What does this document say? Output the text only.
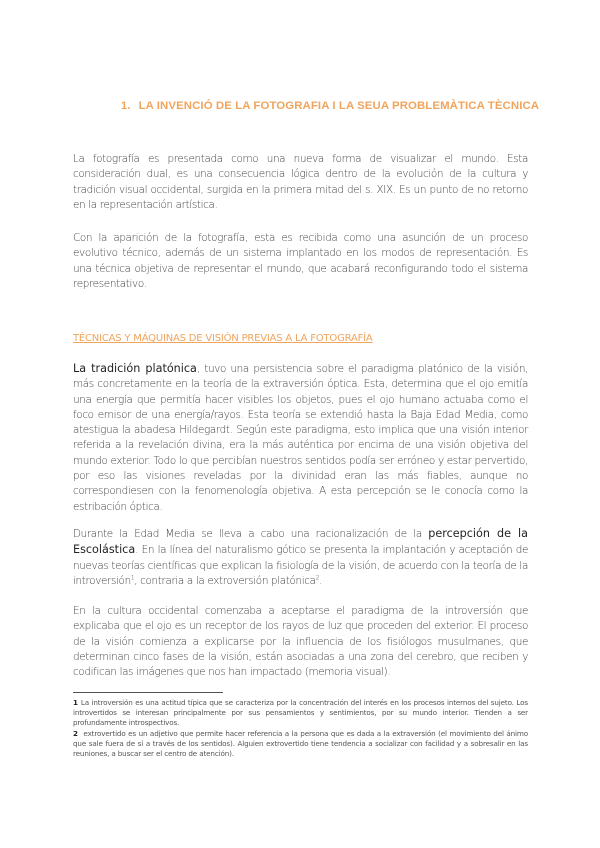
1. LA INVENCIÓ DE LA FOTOGRAFIA I LA SEUA PROBLEMÀTICA TÈCNICA
La fotografía es presentada como una nueva forma de visualizar el mundo. Esta consideración dual, es una consecuencia lógica dentro de la evolución de la cultura y tradición visual occidental, surgida en la primera mitad del s. XIX. Es un punto de no retorno en la representación artística.
Con la aparición de la fotografía, esta es recibida como una asunción de un proceso evolutivo técnico, además de un sistema implantado en los modos de representación. Es una técnica objetiva de representar el mundo, que acabará reconfigurando todo el sistema representativo.
TÉCNICAS Y MÁQUINAS DE VISIÓN PREVIAS A LA FOTOGRAFÍA
La tradición platónica, tuvo una persistencia sobre el paradigma platónico de la visión, más concretamente en la teoría de la extraversión óptica. Esta, determina que el ojo emitía una energía que permitía hacer visibles los objetos, pues el ojo humano actuaba como el foco emisor de una energía/rayos. Esta teoría se extendió hasta la Baja Edad Media, como atestigua la abadesa Hildegardt. Según este paradigma, esto implica que una visión interior referida a la revelación divina, era la más auténtica por encima de una visión objetiva del mundo exterior. Todo lo que percibían nuestros sentidos podía ser erróneo y estar pervertido, por eso las visiones reveladas por la divinidad eran las más fiables, aunque no correspondiesen con la fenomenología objetiva. A esta percepción se le conocía como la estribación óptica.
Durante la Edad Media se lleva a cabo una racionalización de la percepción de la Escolástica. En la línea del naturalismo gótico se presenta la implantación y aceptación de nuevas teorías científicas que explican la fisiología de la visión, de acuerdo con la teoría de la introversión$^1$, contraria a la extroversión platónica$^2$.
En la cultura occidental comenzaba a aceptarse el paradigma de la introversión que explicaba que el ojo es un receptor de los rayos de luz que proceden del exterior. El proceso de la visión comienza a explicarse por la influencia de los fisiólogos musulmanes, que determinan cinco fases de la visión, están asociadas a una zona del cerebro, que reciben y codifican las imágenes que nos han impactado (memoria visual).
1 La introversión es una actitud típica que se caracteriza por la concentración del interés en los procesos internos del sujeto. Los introvertidos se interesan principalmente por sus pensamientos y sentimientos, por su mundo interior. Tienden a ser profundamente introspectivos.
2 extrovertido es un adjetivo que permite hacer referencia a la persona que es dada a la extraversión (el movimiento del ánimo que sale fuera de sí a través de los sentidos). Alguien extrovertido tiene tendencia a socializar con facilidad y a sobresalir en las reuniones, a buscar ser el centro de atención).
